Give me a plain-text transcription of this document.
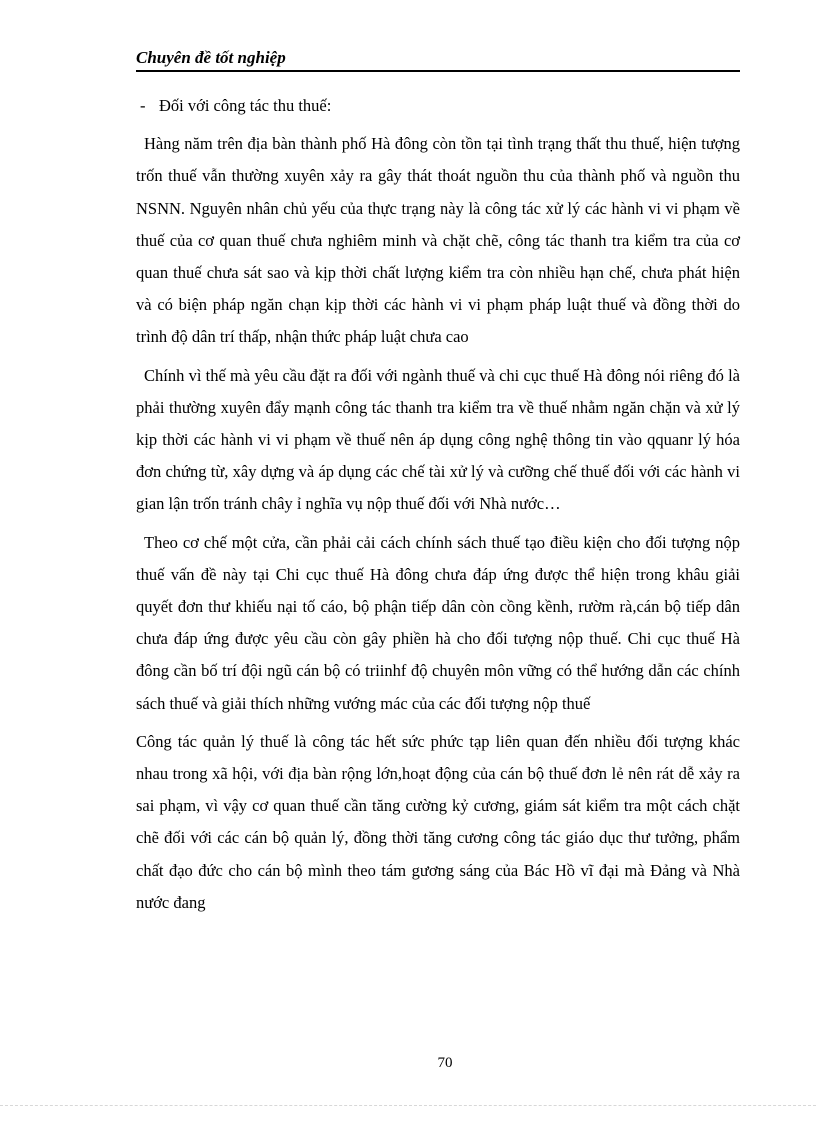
Chuyên đề tốt nghiệp

- Đối với công tác thu thuế:

Hàng năm trên địa bàn thành phố Hà đông còn tồn tại tình trạng thất thu thuế, hiện tượng trốn thuế vẫn thường xuyên xảy ra gây thát thoát nguồn thu của thành phố và nguồn thu NSNN. Nguyên nhân chủ yếu của thực trạng này là công tác xử lý các hành vi vi phạm về thuế của cơ quan thuế chưa nghiêm minh và chặt chẽ, công tác thanh tra kiểm tra của cơ quan thuế chưa sát sao và kịp thời chất lượng kiểm tra còn nhiều hạn chế, chưa phát hiện và có biện pháp ngăn chạn kịp thời các hành vi vi phạm pháp luật thuế và đồng thời do trình độ dân trí thấp, nhận thức pháp luật chưa cao

Chính vì thế mà yêu cầu đặt ra đối với ngành thuế và chi cục thuế Hà đông nói riêng đó là phải thường xuyên đẩy mạnh công tác thanh tra kiểm tra về thuế nhằm ngăn chặn và xử lý kịp thời các hành vi vi phạm về thuế nên áp dụng công nghệ thông tin vào qquanr lý hóa đơn chứng từ, xây dựng và áp dụng các chế tài xử lý và cưỡng chế thuế đối với các hành vi gian lận trốn tránh chây ỉ nghĩa vụ nộp thuế đối với Nhà nước…

Theo cơ chế một cửa, cần phải cải cách chính sách thuế tạo điều kiện cho đối tượng nộp thuế vấn đề này tại Chi cục thuế Hà đông chưa đáp ứng được thể hiện trong khâu giải quyết đơn thư khiếu nại tố cáo, bộ phận tiếp dân còn cồng kềnh, rườm rà,cán bộ tiếp dân chưa đáp ứng được yêu cầu còn gây phiền hà cho đối tượng nộp thuế. Chi cục thuế Hà đông cần bố trí đội ngũ cán bộ có triinhf độ chuyên môn vững có thể hướng dẫn các chính sách thuế và giải thích những vướng mác của các đối tượng nộp thuế

Công tác quản lý thuế là công tác hết sức phức tạp liên quan đến nhiều đối tượng khác nhau trong xã hội, với địa bàn rộng lớn,hoạt động của cán bộ thuế đơn lẻ nên rát dễ xảy ra sai phạm, vì vậy cơ quan thuế cần tăng cường kỷ cương, giám sát kiểm tra một cách chặt chẽ đối với các cán bộ quản lý, đồng thời tăng cương công tác giáo dục thư tưởng, phẩm chất đạo đức cho cán bộ mình theo tám gương sáng của Bác Hồ vĩ đại mà Đảng và Nhà nước đang

70
